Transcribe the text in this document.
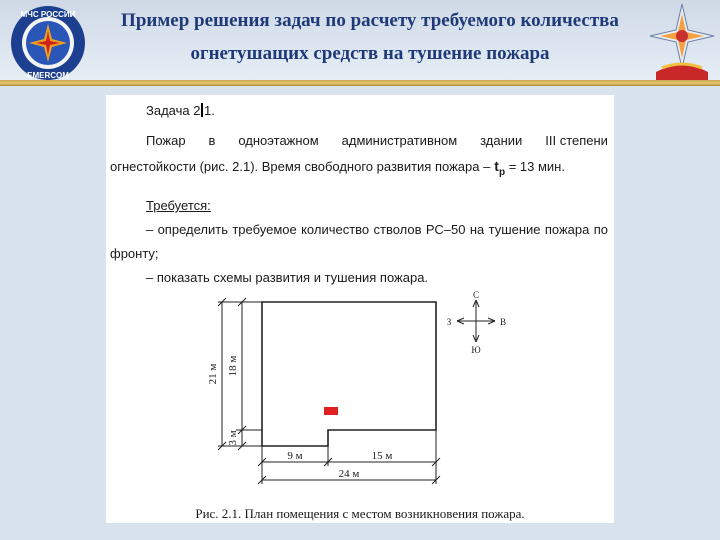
МЧС РОССИИ
EMERCOM
Пример решения задач по расчету требуемого количества
огнетушащих средств на тушение пожара

Задача 2 1.

Пожар в одноэтажном административном здании III степени

огнестойкости (рис. 2.1). Время свободного развития пожара – $t_р = 13$ мин.

Требуется:

– определить требуемое количество стволов РС–50 на тушение пожара по

фронту;

– показать схемы развития и тушения пожара.

21 м 18 м
3 м
9 м	15 м
24 м
С
Ю
З	В

Рис. 2.1. План помещения с местом возникновения пожара.
